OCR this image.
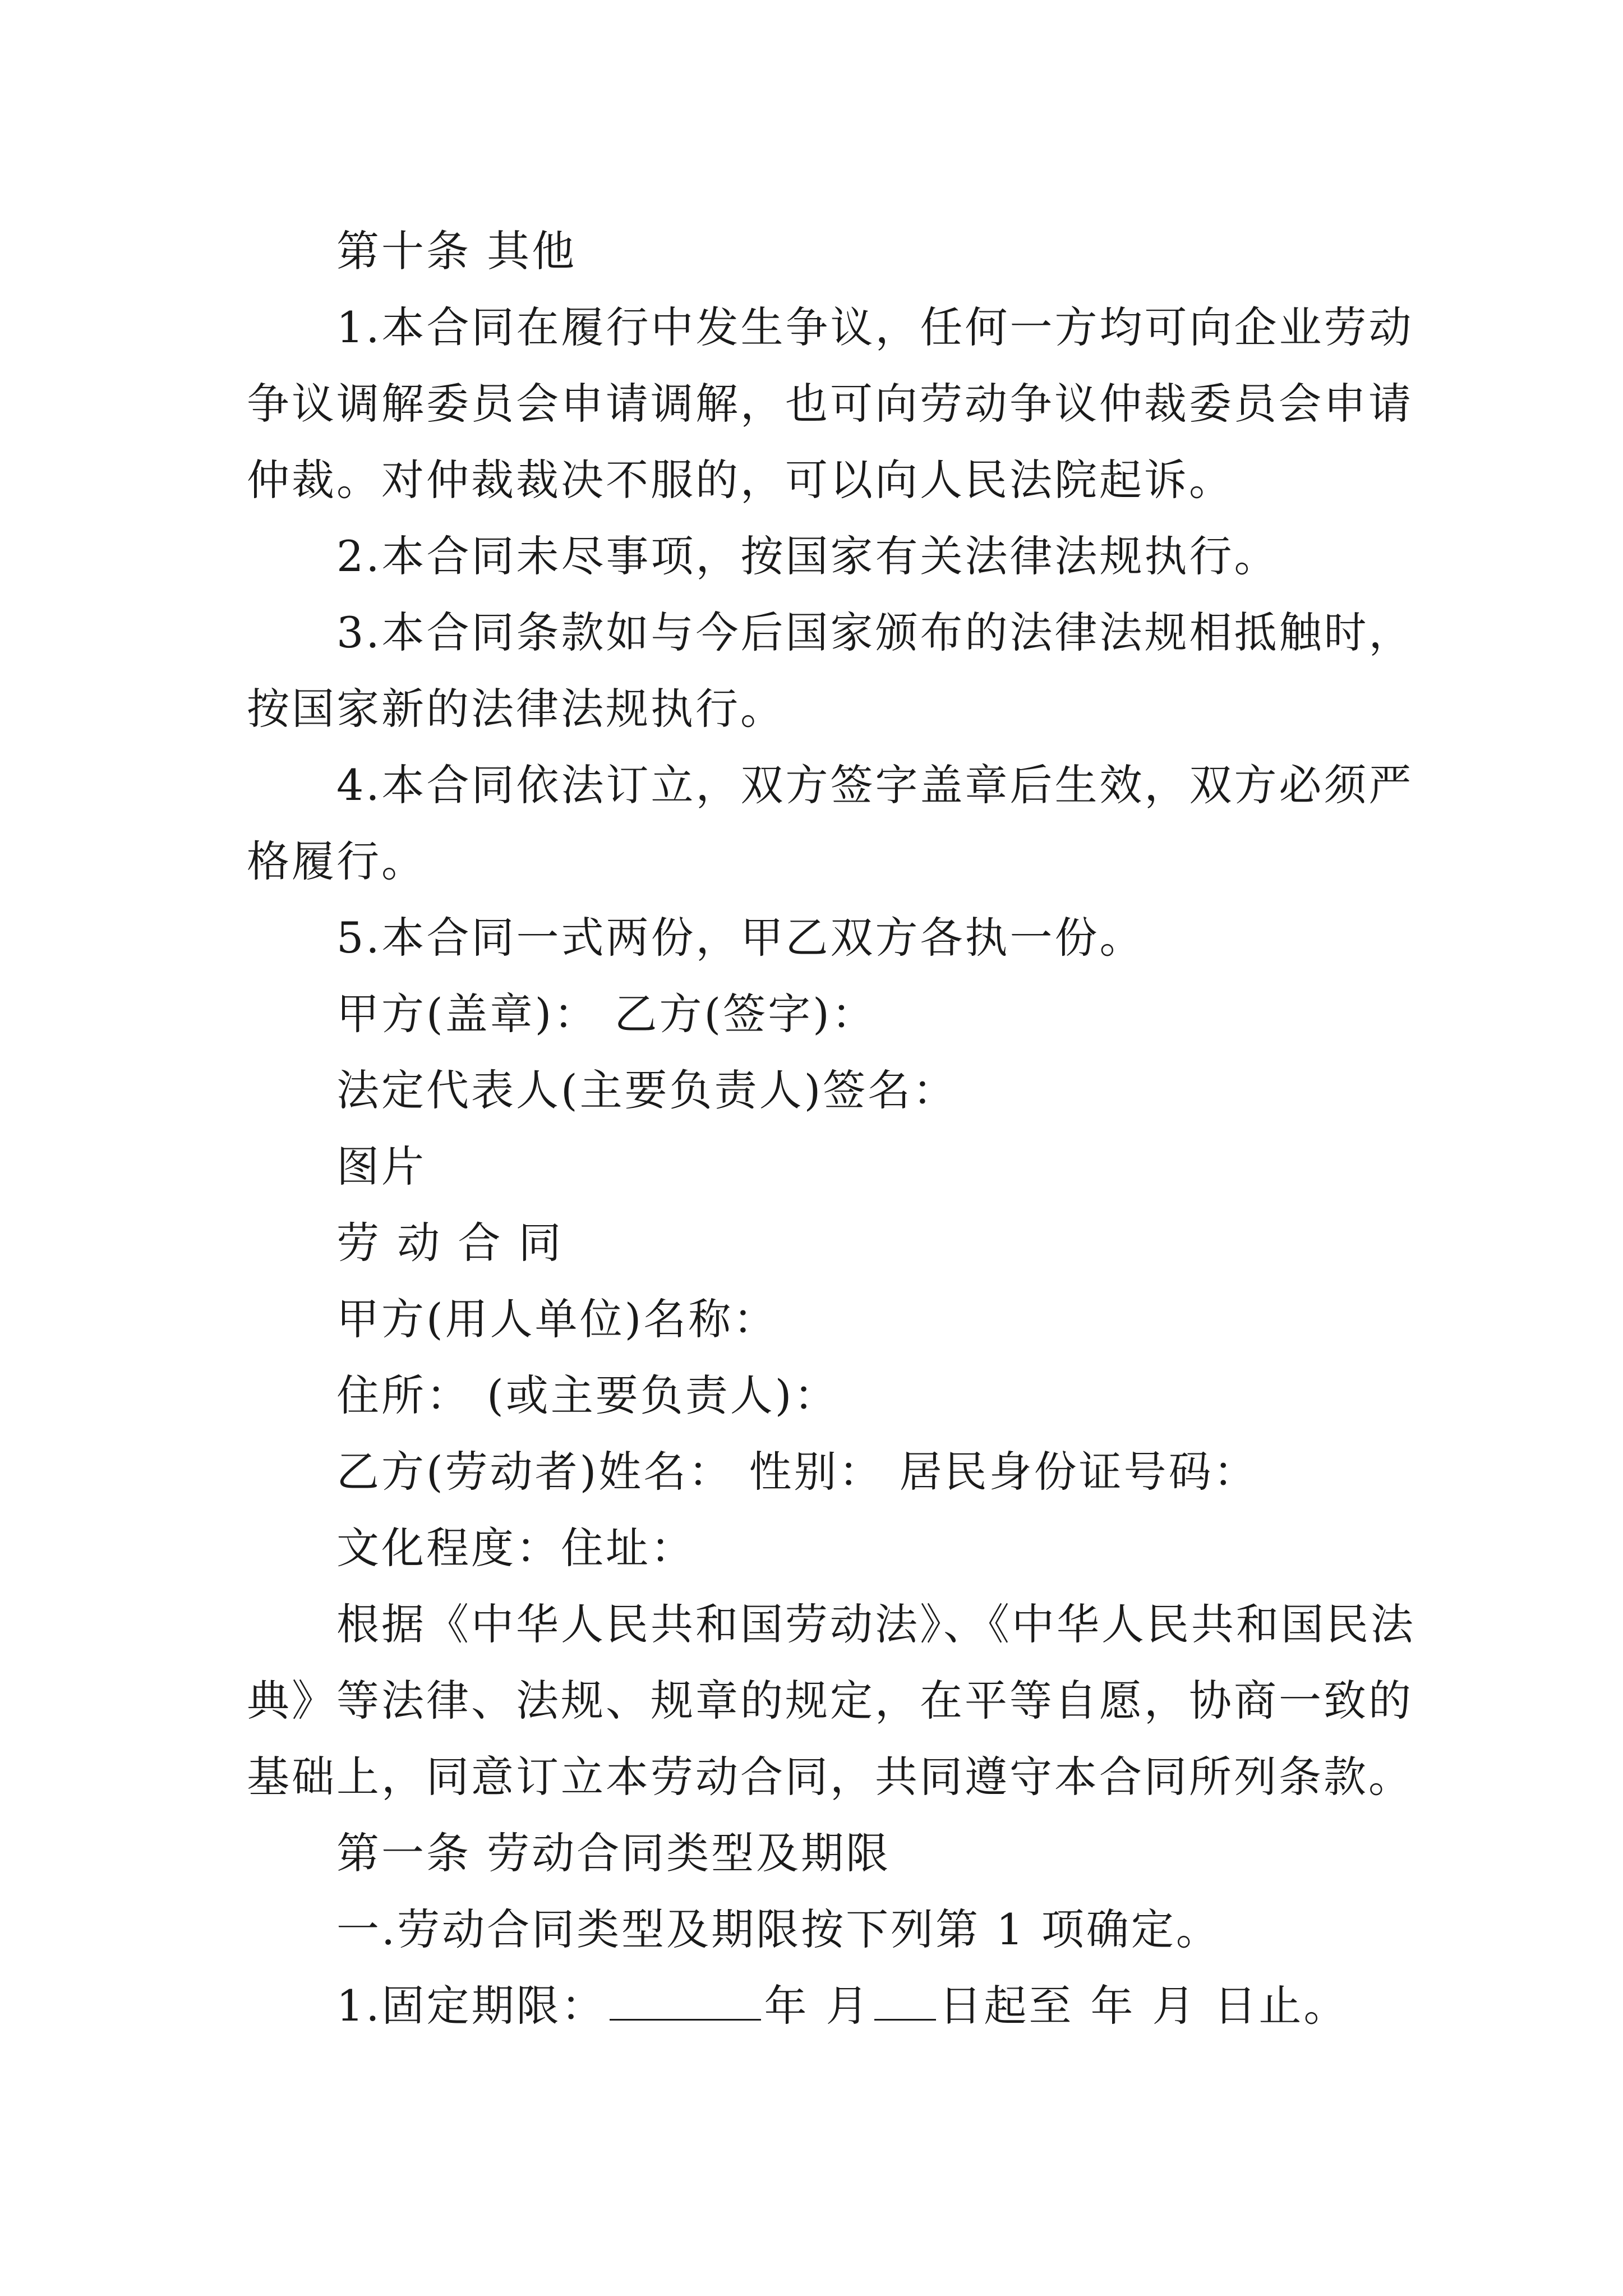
第十条 其他
1.本合同在履行中发生争议，任何一方均可向企业劳动
争议调解委员会申请调解，也可向劳动争议仲裁委员会申请
仲裁。对仲裁裁决不服的，可以向人民法院起诉。
2.本合同未尽事项，按国家有关法律法规执行。
3.本合同条款如与今后国家颁布的法律法规相抵触时，
按国家新的法律法规执行。
4.本合同依法订立，双方签字盖章后生效，双方必须严
格履行。
5.本合同一式两份，甲乙双方各执一份。
甲方(盖章)： 乙方(签字)：
法定代表人(主要负责人)签名：
图片
劳 动 合 同
甲方(用人单位)名称：
住所： (或主要负责人)：
乙方(劳动者)姓名： 性别： 居民身份证号码：
文化程度：住址：
根据《中华人民共和国劳动法》、《中华人民共和国民法
典》等法律、法规、规章的规定，在平等自愿，协商一致的
基础上，同意订立本劳动合同，共同遵守本合同所列条款。
第一条 劳动合同类型及期限
一.劳动合同类型及期限按下列第 1 项确定。
1.固定期限：	年 月 日起至 年 月 日止。
